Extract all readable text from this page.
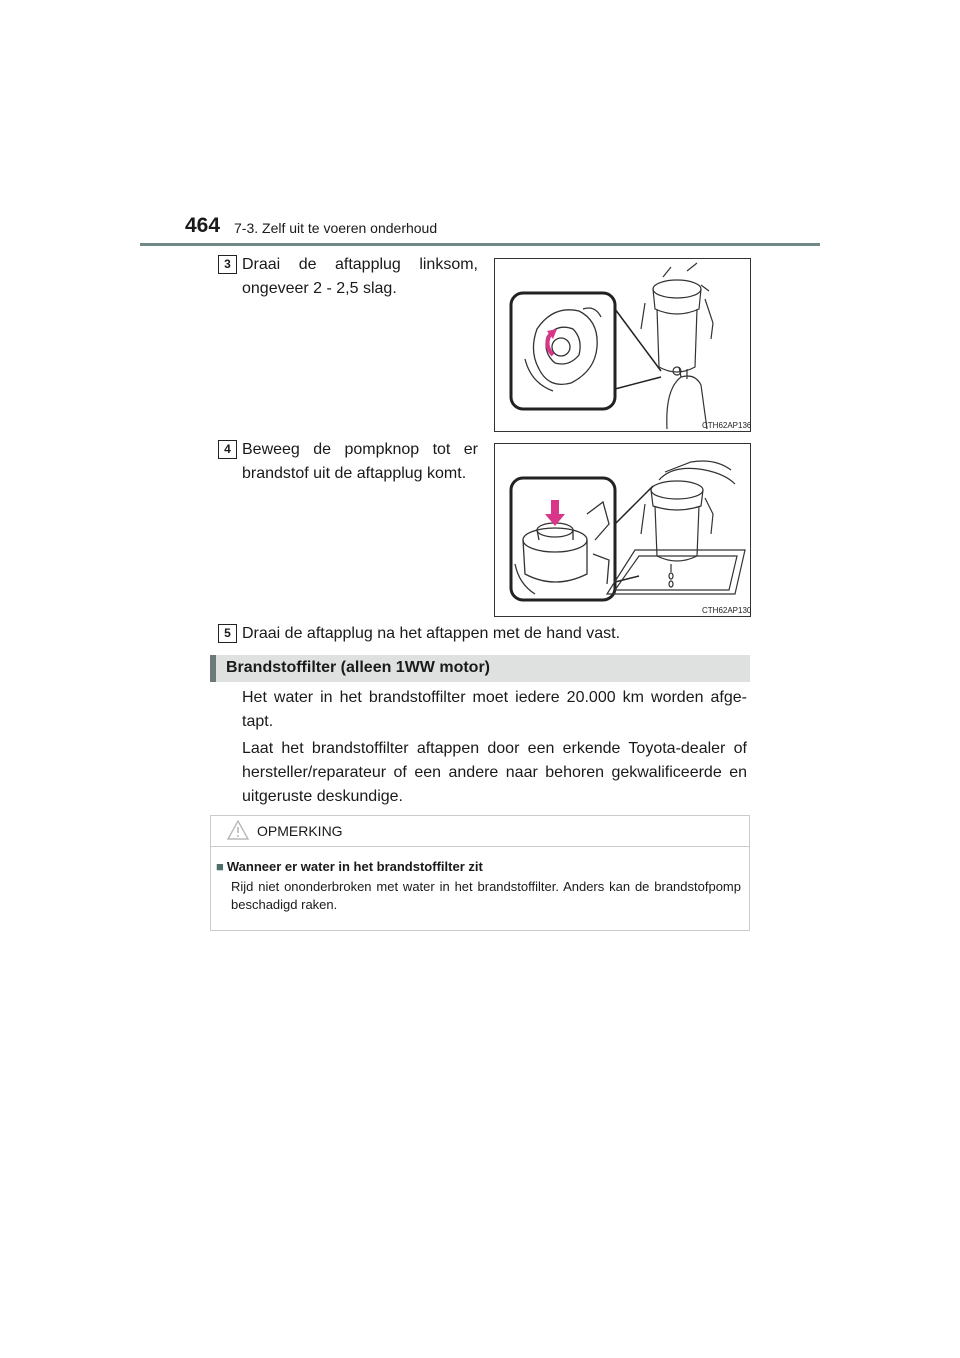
464 7-3. Zelf uit te voeren onderhoud
3 Draai de aftapplug linksom, ongeveer 2 - 2,5 slag.
CTH62AP136
4 Beweeg de pompknop tot er brandstof uit de aftapplug komt.
CTH62AP130
5 Draai de aftapplug na het aftappen met de hand vast.
Brandstoffilter (alleen 1WW motor)
Het water in het brandstoffilter moet iedere 20.000 km worden afge-tapt.
Laat het brandstoffilter aftappen door een erkende Toyota-dealer of hersteller/reparateur of een andere naar behoren gekwalificeerde en uitgeruste deskundige.
OPMERKING
■ Wanneer er water in het brandstoffilter zit
Rijd niet ononderbroken met water in het brandstoffilter. Anders kan de brandstofpomp beschadigd raken.
